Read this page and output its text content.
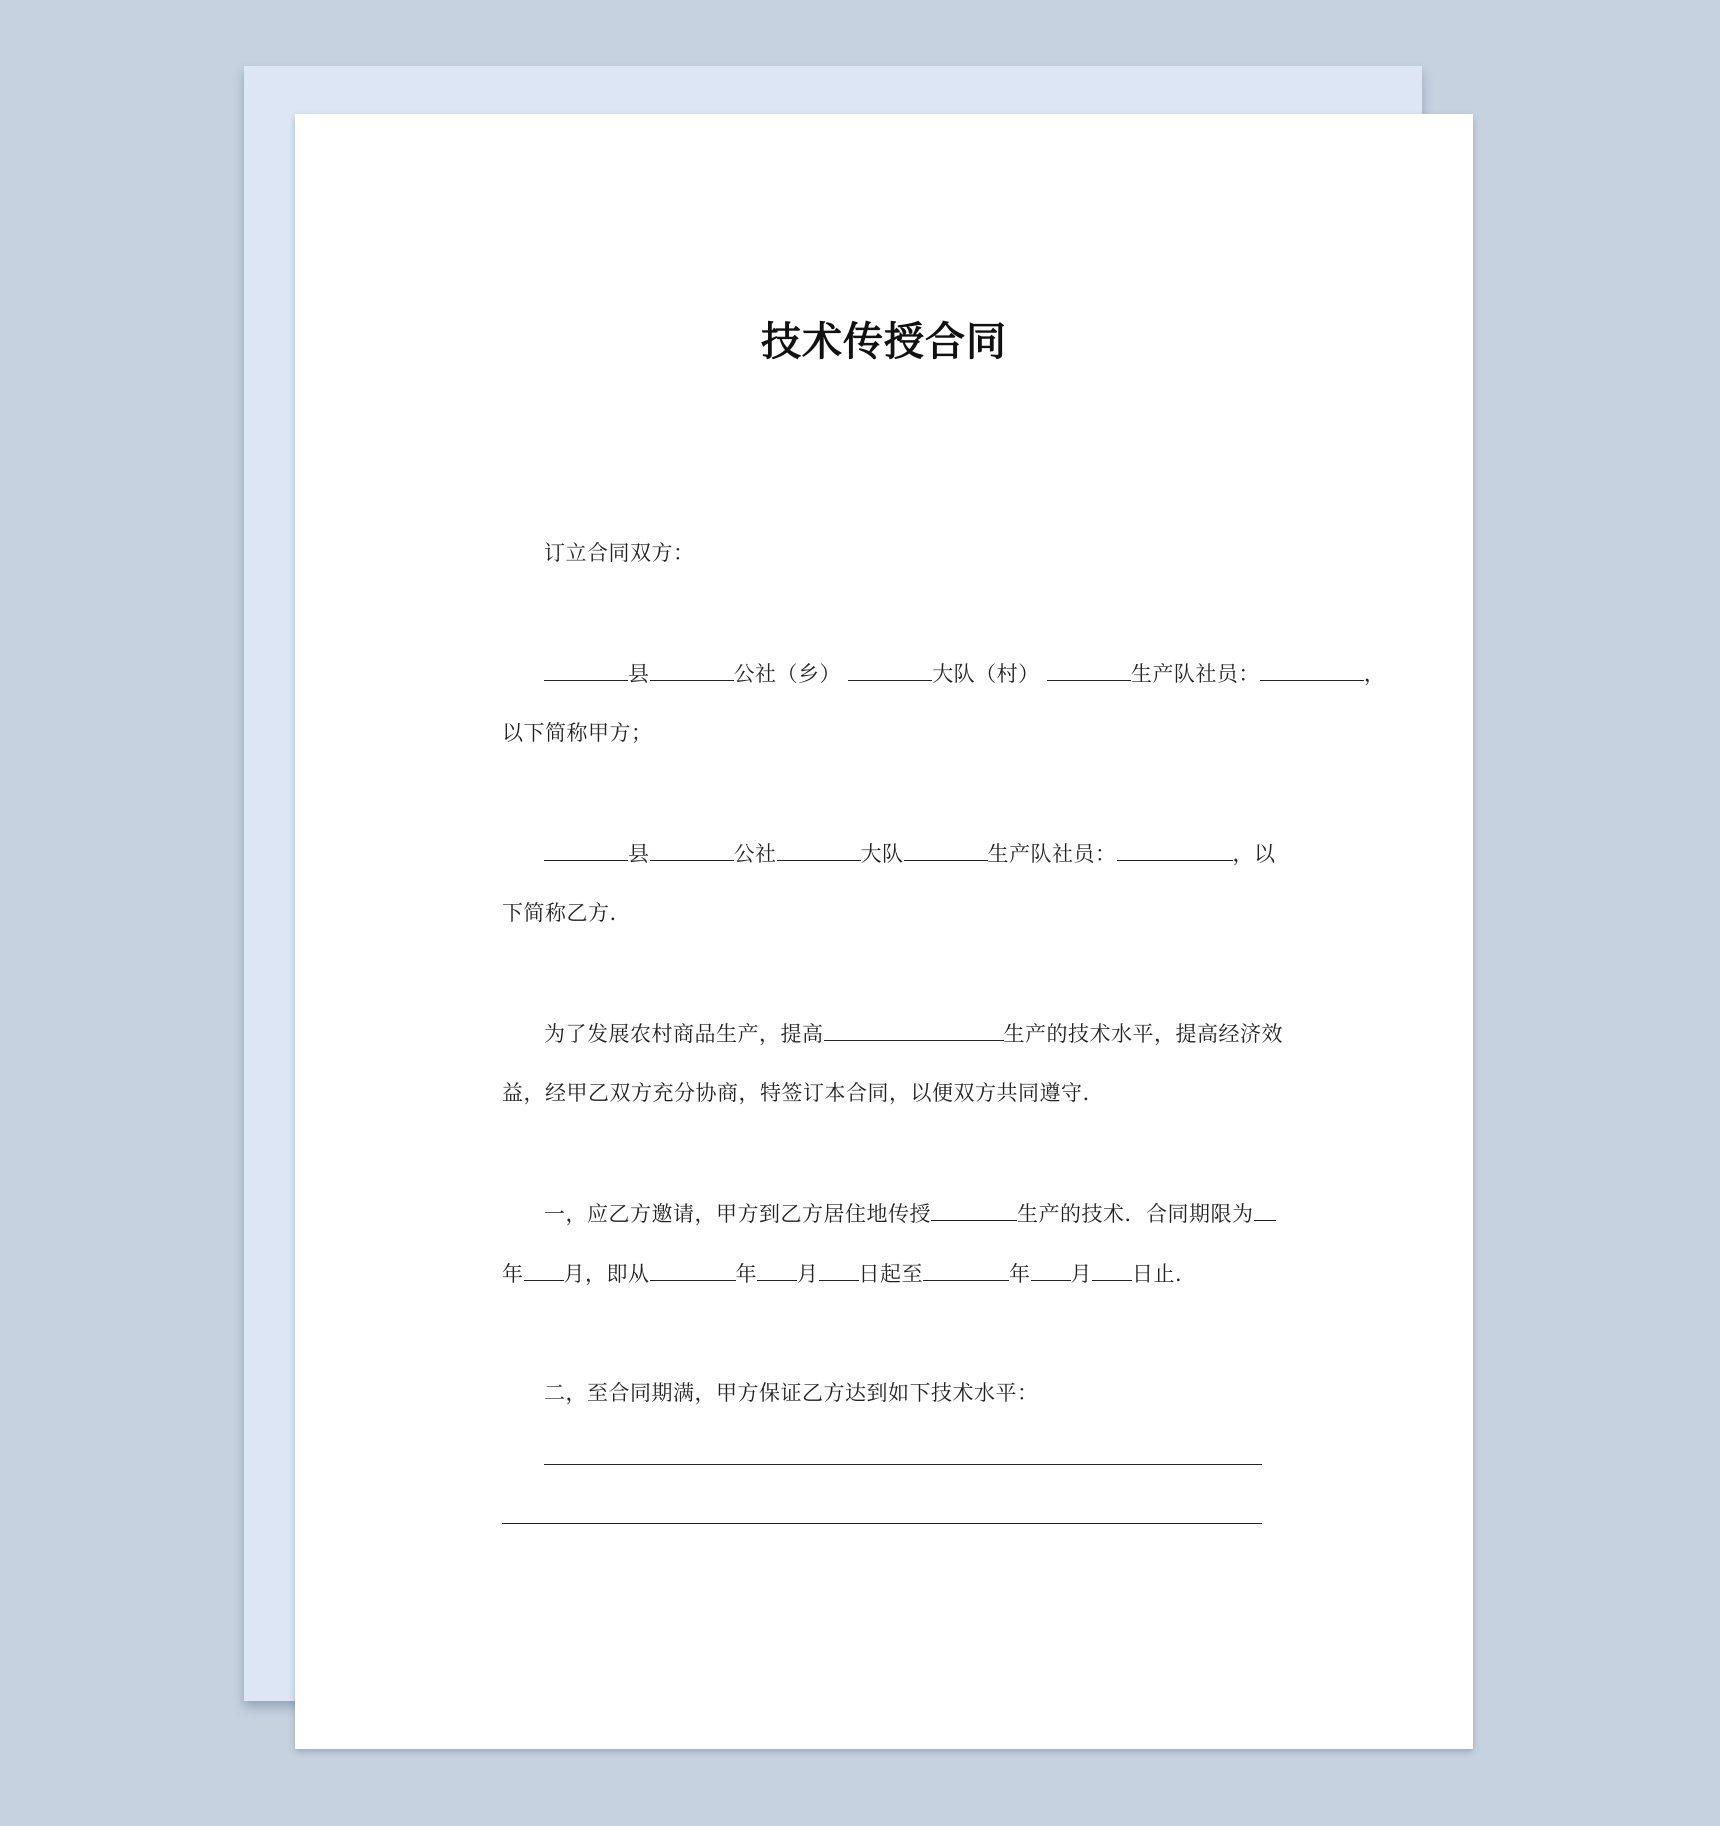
技术传授合同
订立合同双方：
县	公社（乡）	大队（村）	生产队社员：	，
以下简称甲方；
县	公社	大队	生产队社员：	，以
下简称乙方.
为了发展农村商品生产，提高	生产的技术水平，提高经济效
益，经甲乙双方充分协商，特签订本合同，以便双方共同遵守.
一，应乙方邀请，甲方到乙方居住地传授	生产的技术．合同期限为
年 月，即从	年 月 日起至	年 月 日止.
二，至合同期满，甲方保证乙方达到如下技术水平：
